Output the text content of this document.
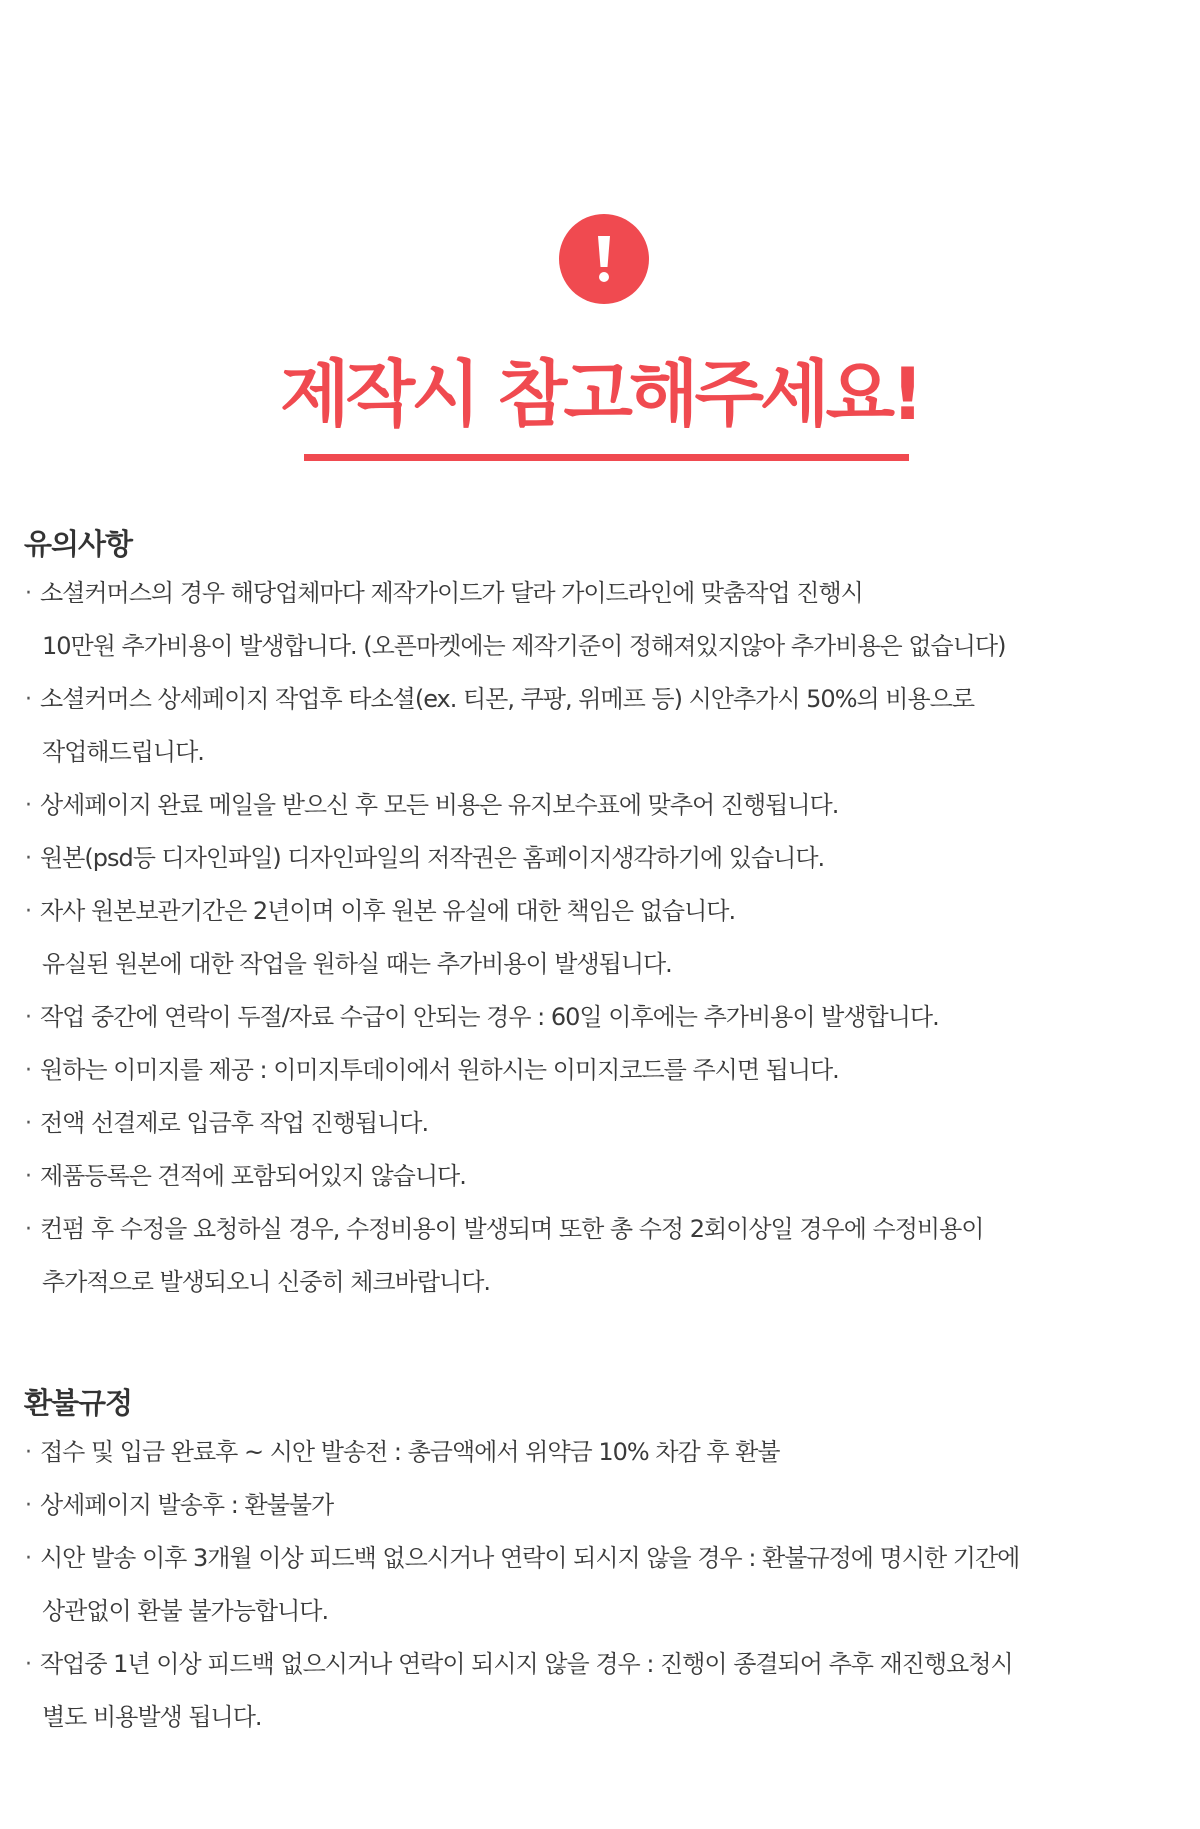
제작시 참고해주세요!
유의사항
· 소셜커머스의 경우 해당업체마다 제작가이드가 달라 가이드라인에 맞춤작업 진행시
10만원 추가비용이 발생합니다. (오픈마켓에는 제작기준이 정해져있지않아 추가비용은 없습니다)
· 소셜커머스 상세페이지 작업후 타소셜(ex. 티몬, 쿠팡, 위메프 등) 시안추가시 50%의 비용으로
작업해드립니다.
· 상세페이지 완료 메일을 받으신 후 모든 비용은 유지보수표에 맞추어 진행됩니다.
· 원본(psd등 디자인파일) 디자인파일의 저작권은 홈페이지생각하기에 있습니다.
· 자사 원본보관기간은 2년이며 이후 원본 유실에 대한 책임은 없습니다.
유실된 원본에 대한 작업을 원하실 때는 추가비용이 발생됩니다.
· 작업 중간에 연락이 두절/자료 수급이 안되는 경우 : 60일 이후에는 추가비용이 발생합니다.
· 원하는 이미지를 제공 : 이미지투데이에서 원하시는 이미지코드를 주시면 됩니다.
· 전액 선결제로 입금후 작업 진행됩니다.
· 제품등록은 견적에 포함되어있지 않습니다.
· 컨펌 후 수정을 요청하실 경우, 수정비용이 발생되며 또한 총 수정 2회이상일 경우에 수정비용이
추가적으로 발생되오니 신중히 체크바랍니다.
환불규정
· 접수 및 입금 완료후 ~ 시안 발송전 : 총금액에서 위약금 10% 차감 후 환불
· 상세페이지 발송후 : 환불불가
· 시안 발송 이후 3개월 이상 피드백 없으시거나 연락이 되시지 않을 경우 : 환불규정에 명시한 기간에
상관없이 환불 불가능합니다.
· 작업중 1년 이상 피드백 없으시거나 연락이 되시지 않을 경우 : 진행이 종결되어 추후 재진행요청시
별도 비용발생 됩니다.
